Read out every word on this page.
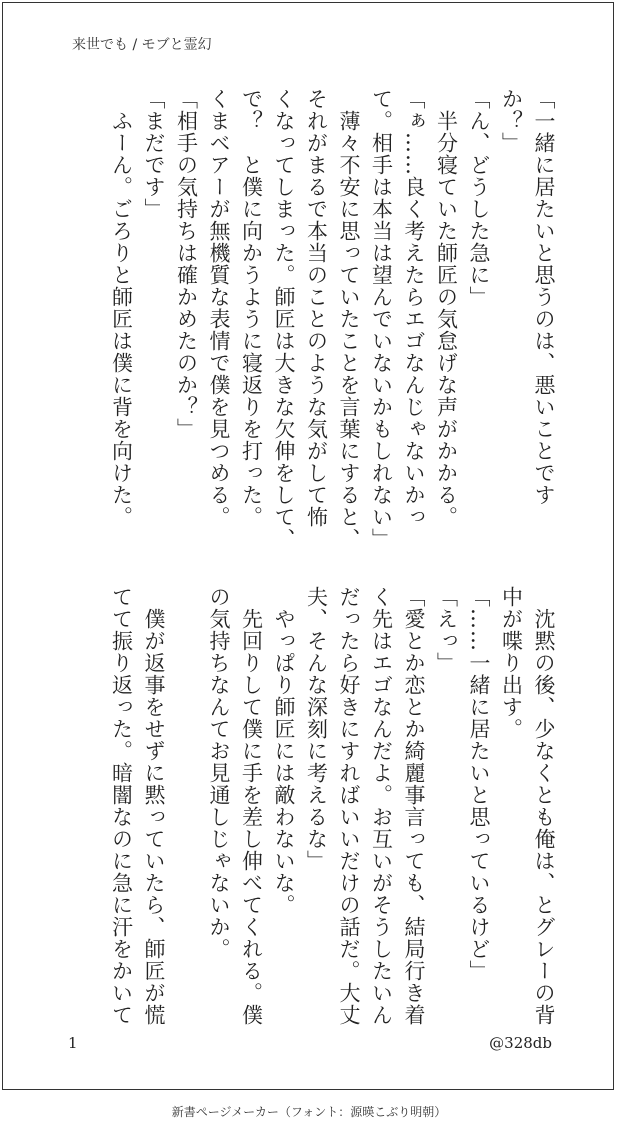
来世でも / モブと霊幻

「一緒に居たいと思うのは、悪いことです

か？」

「ん、どうした急に」

　半分寝ていた師匠の気怠げな声がかかる。

「ぁ……良く考えたらエゴなんじゃないかっ

て。相手は本当は望んでいないかもしれない」

　薄々不安に思っていたことを言葉にすると、

それがまるで本当のことのような気がして怖

くなってしまった。師匠は大きな欠伸をして、

で？　と僕に向かうように寝返りを打った。

くまベアーが無機質な表情で僕を見つめる。

「相手の気持ちは確かめたのか？」

「まだです」

　ふーん。ごろりと師匠は僕に背を向けた。

　沈黙の後、少なくとも俺は、とグレーの背

中が喋り出す。

「……一緒に居たいと思っているけど」

「えっ」

「愛とか恋とか綺麗事言っても、結局行き着

く先はエゴなんだよ。お互いがそうしたいん

だったら好きにすればいいだけの話だ。大丈

夫、そんな深刻に考えるな」

　やっぱり師匠には敵わないな。

　先回りして僕に手を差し伸べてくれる。僕

の気持ちなんてお見通しじゃないか。

　僕が返事をせずに黙っていたら、師匠が慌

てて振り返った。暗闇なのに急に汗をかいて

1	@328db
新書ページメーカー（フォント：源暎こぶり明朝）
